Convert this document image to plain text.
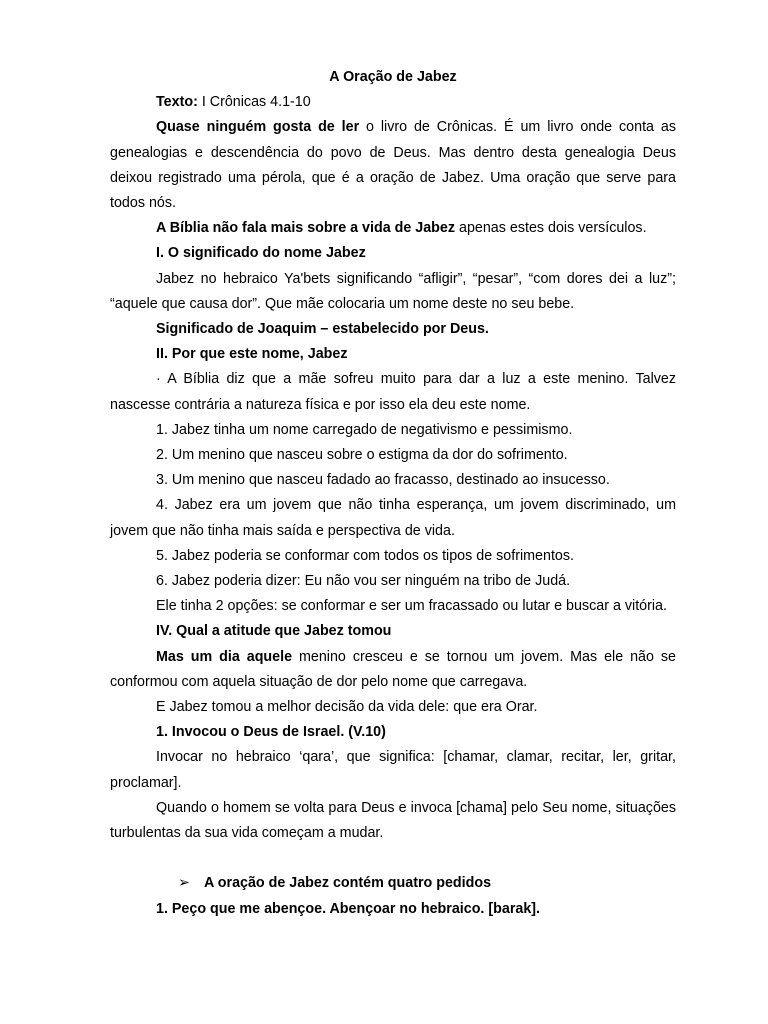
A Oração de Jabez

Texto: I Crônicas 4.1-10

Quase ninguém gosta de ler o livro de Crônicas. É um livro onde conta as genealogias e descendência do povo de Deus. Mas dentro desta genealogia Deus deixou registrado uma pérola, que é a oração de Jabez. Uma oração que serve para todos nós.

A Bíblia não fala mais sobre a vida de Jabez apenas estes dois versículos.

I. O significado do nome Jabez

Jabez no hebraico Ya'bets significando “afligir”, “pesar”, “com dores dei a luz”; “aquele que causa dor”. Que mãe colocaria um nome deste no seu bebe.

Significado de Joaquim – estabelecido por Deus.

II. Por que este nome, Jabez

· A Bíblia diz que a mãe sofreu muito para dar a luz a este menino. Talvez nascesse contrária a natureza física e por isso ela deu este nome.

1. Jabez tinha um nome carregado de negativismo e pessimismo.

2. Um menino que nasceu sobre o estigma da dor do sofrimento.

3. Um menino que nasceu fadado ao fracasso, destinado ao insucesso.

4. Jabez era um jovem que não tinha esperança, um jovem discriminado, um jovem que não tinha mais saída e perspectiva de vida.

5. Jabez poderia se conformar com todos os tipos de sofrimentos.

6. Jabez poderia dizer: Eu não vou ser ninguém na tribo de Judá.

Ele tinha 2 opções: se conformar e ser um fracassado ou lutar e buscar a vitória.

IV. Qual a atitude que Jabez tomou

Mas um dia aquele menino cresceu e se tornou um jovem. Mas ele não se conformou com aquela situação de dor pelo nome que carregava.

E Jabez tomou a melhor decisão da vida dele: que era Orar.

1. Invocou o Deus de Israel. (V.10)

Invocar no hebraico ‘qara’, que significa: [chamar, clamar, recitar, ler, gritar, proclamar].

Quando o homem se volta para Deus e invoca [chama] pelo Seu nome, situações turbulentas da sua vida começam a mudar.

➢ A oração de Jabez contém quatro pedidos

1. Peço que me abençoe. Abençoar no hebraico. [barak].
